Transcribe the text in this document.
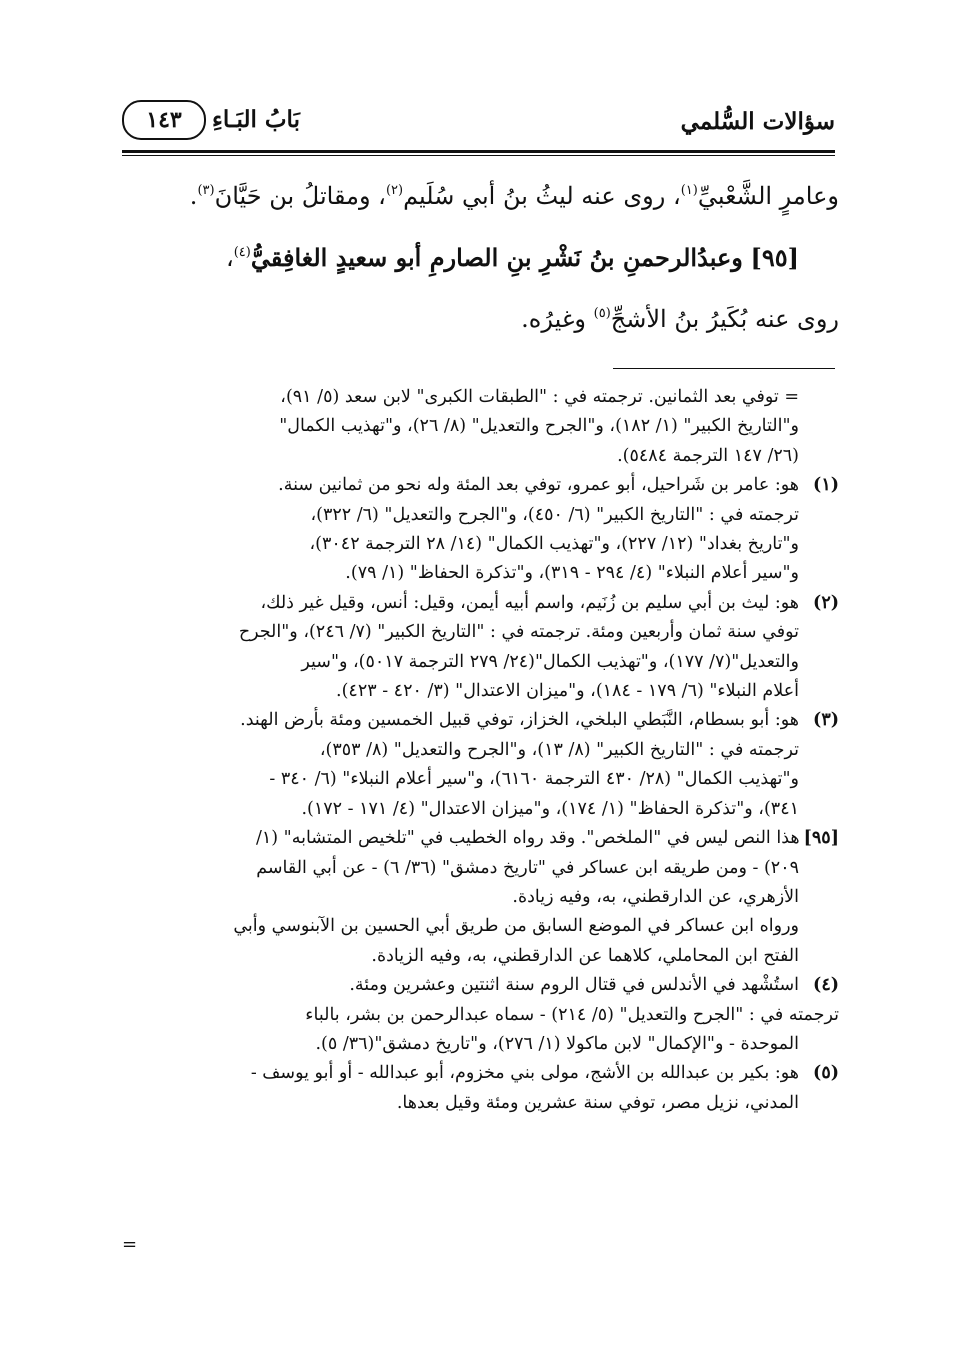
سؤالات السُّلمي
بَابُ البَـاءِ
١٤٣

وعامرٍ الشَّعْبيِّ$^{(١)}$، روى عنه ليثُ بنُ أبي سُلَيم$^{(٢)}$، ومقاتلُ بن حَيَّانَ$^{(٣)}$.

[٩٥] وعبدُالرحمنِ بنُ نَشْرِ بنِ الصارمِ أبو سعيدٍ الغافِقيُّ$^{(٤)}$،

روى عنه بُكَيرُ بنُ الأشجِّ$^{(٥)}$ وغيرُه.

= توفي بعد الثمانين. ترجمته في : "الطبقات الكبرى" لابن سعد (٥/ ٩١)،
و"التاريخ الكبير" (١/ ١٨٢)، و"الجرح والتعديل" (٨/ ٢٦)، و"تهذيب الكمال"
(٢٦/ ١٤٧ الترجمة ٥٤٨٤).
(١)
هو: عامر بن شَراحيل، أبو عمرو، توفي بعد المئة وله نحو من ثمانين سنة.
ترجمته في : "التاريخ الكبير" (٦/ ٤٥٠)، و"الجرح والتعديل" (٦/ ٣٢٢)،
و"تاريخ بغداد" (١٢/ ٢٢٧)، و"تهذيب الكمال" (١٤/ ٢٨ الترجمة ٣٠٤٢)،
و"سير أعلام النبلاء" (٤/ ٢٩٤ - ٣١٩)، و"تذكرة الحفاظ" (١/ ٧٩).
(٢)
هو: ليث بن أبي سليم بن زُنَيم، واسم أبيه أيمن، وقيل: أنس، وقيل غير ذلك،
توفي سنة ثمان وأربعين ومئة. ترجمته في : "التاريخ الكبير" (٧/ ٢٤٦)، و"الجرح
والتعديل"(٧/ ١٧٧)، و"تهذيب الكمال"(٢٤/ ٢٧٩ الترجمة ٥٠١٧)، و"سير
أعلام النبلاء" (٦/ ١٧٩ - ١٨٤)، و"ميزان الاعتدال" (٣/ ٤٢٠ - ٤٢٣).
(٣)
هو: أبو بسطام، النَّبَطي البلخي، الخزاز، توفي قبيل الخمسين ومئة بأرض الهند.
ترجمته في : "التاريخ الكبير" (٨/ ١٣)، و"الجرح والتعديل" (٨/ ٣٥٣)،
و"تهذيب الكمال" (٢٨/ ٤٣٠ الترجمة ٦١٦٠)، و"سير أعلام النبلاء" (٦/ ٣٤٠ -
٣٤١)، و"تذكرة الحفاظ" (١/ ١٧٤)، و"ميزان الاعتدال" (٤/ ١٧١ - ١٧٢).
[٩٥]
هذا النص ليس في "الملخص". وقد رواه الخطيب في "تلخيص المتشابه" (١/
٢٠٩) - ومن طريقه ابن عساكر في "تاريخ دمشق" (٣٦/ ٦) - عن أبي القاسم
الأزهري، عن الدارقطني، به، وفيه زيادة.
ورواه ابن عساكر في الموضع السابق من طريق أبي الحسين بن الآبنوسي وأبي
الفتح ابن المحاملي، كلاهما عن الدارقطني، به، وفيه الزيادة.
(٤)
استُشْهد في الأندلس في قتال الروم سنة اثنتين وعشرين ومئة.
ترجمته في : "الجرح والتعديل" (٥/ ٢١٤) - سماه عبدالرحمن بن بشر، بالباء
الموحدة - و"الإكمال" لابن ماكولا (١/ ٢٧٦)، و"تاريخ دمشق"(٣٦/ ٥).
(٥)
هو: بكير بن عبدالله بن الأشج، مولى بني مخزوم، أبو عبدالله - أو أبو يوسف -
المدني، نزيل مصر، توفي سنة عشرين ومئة وقيل بعدها.
=
